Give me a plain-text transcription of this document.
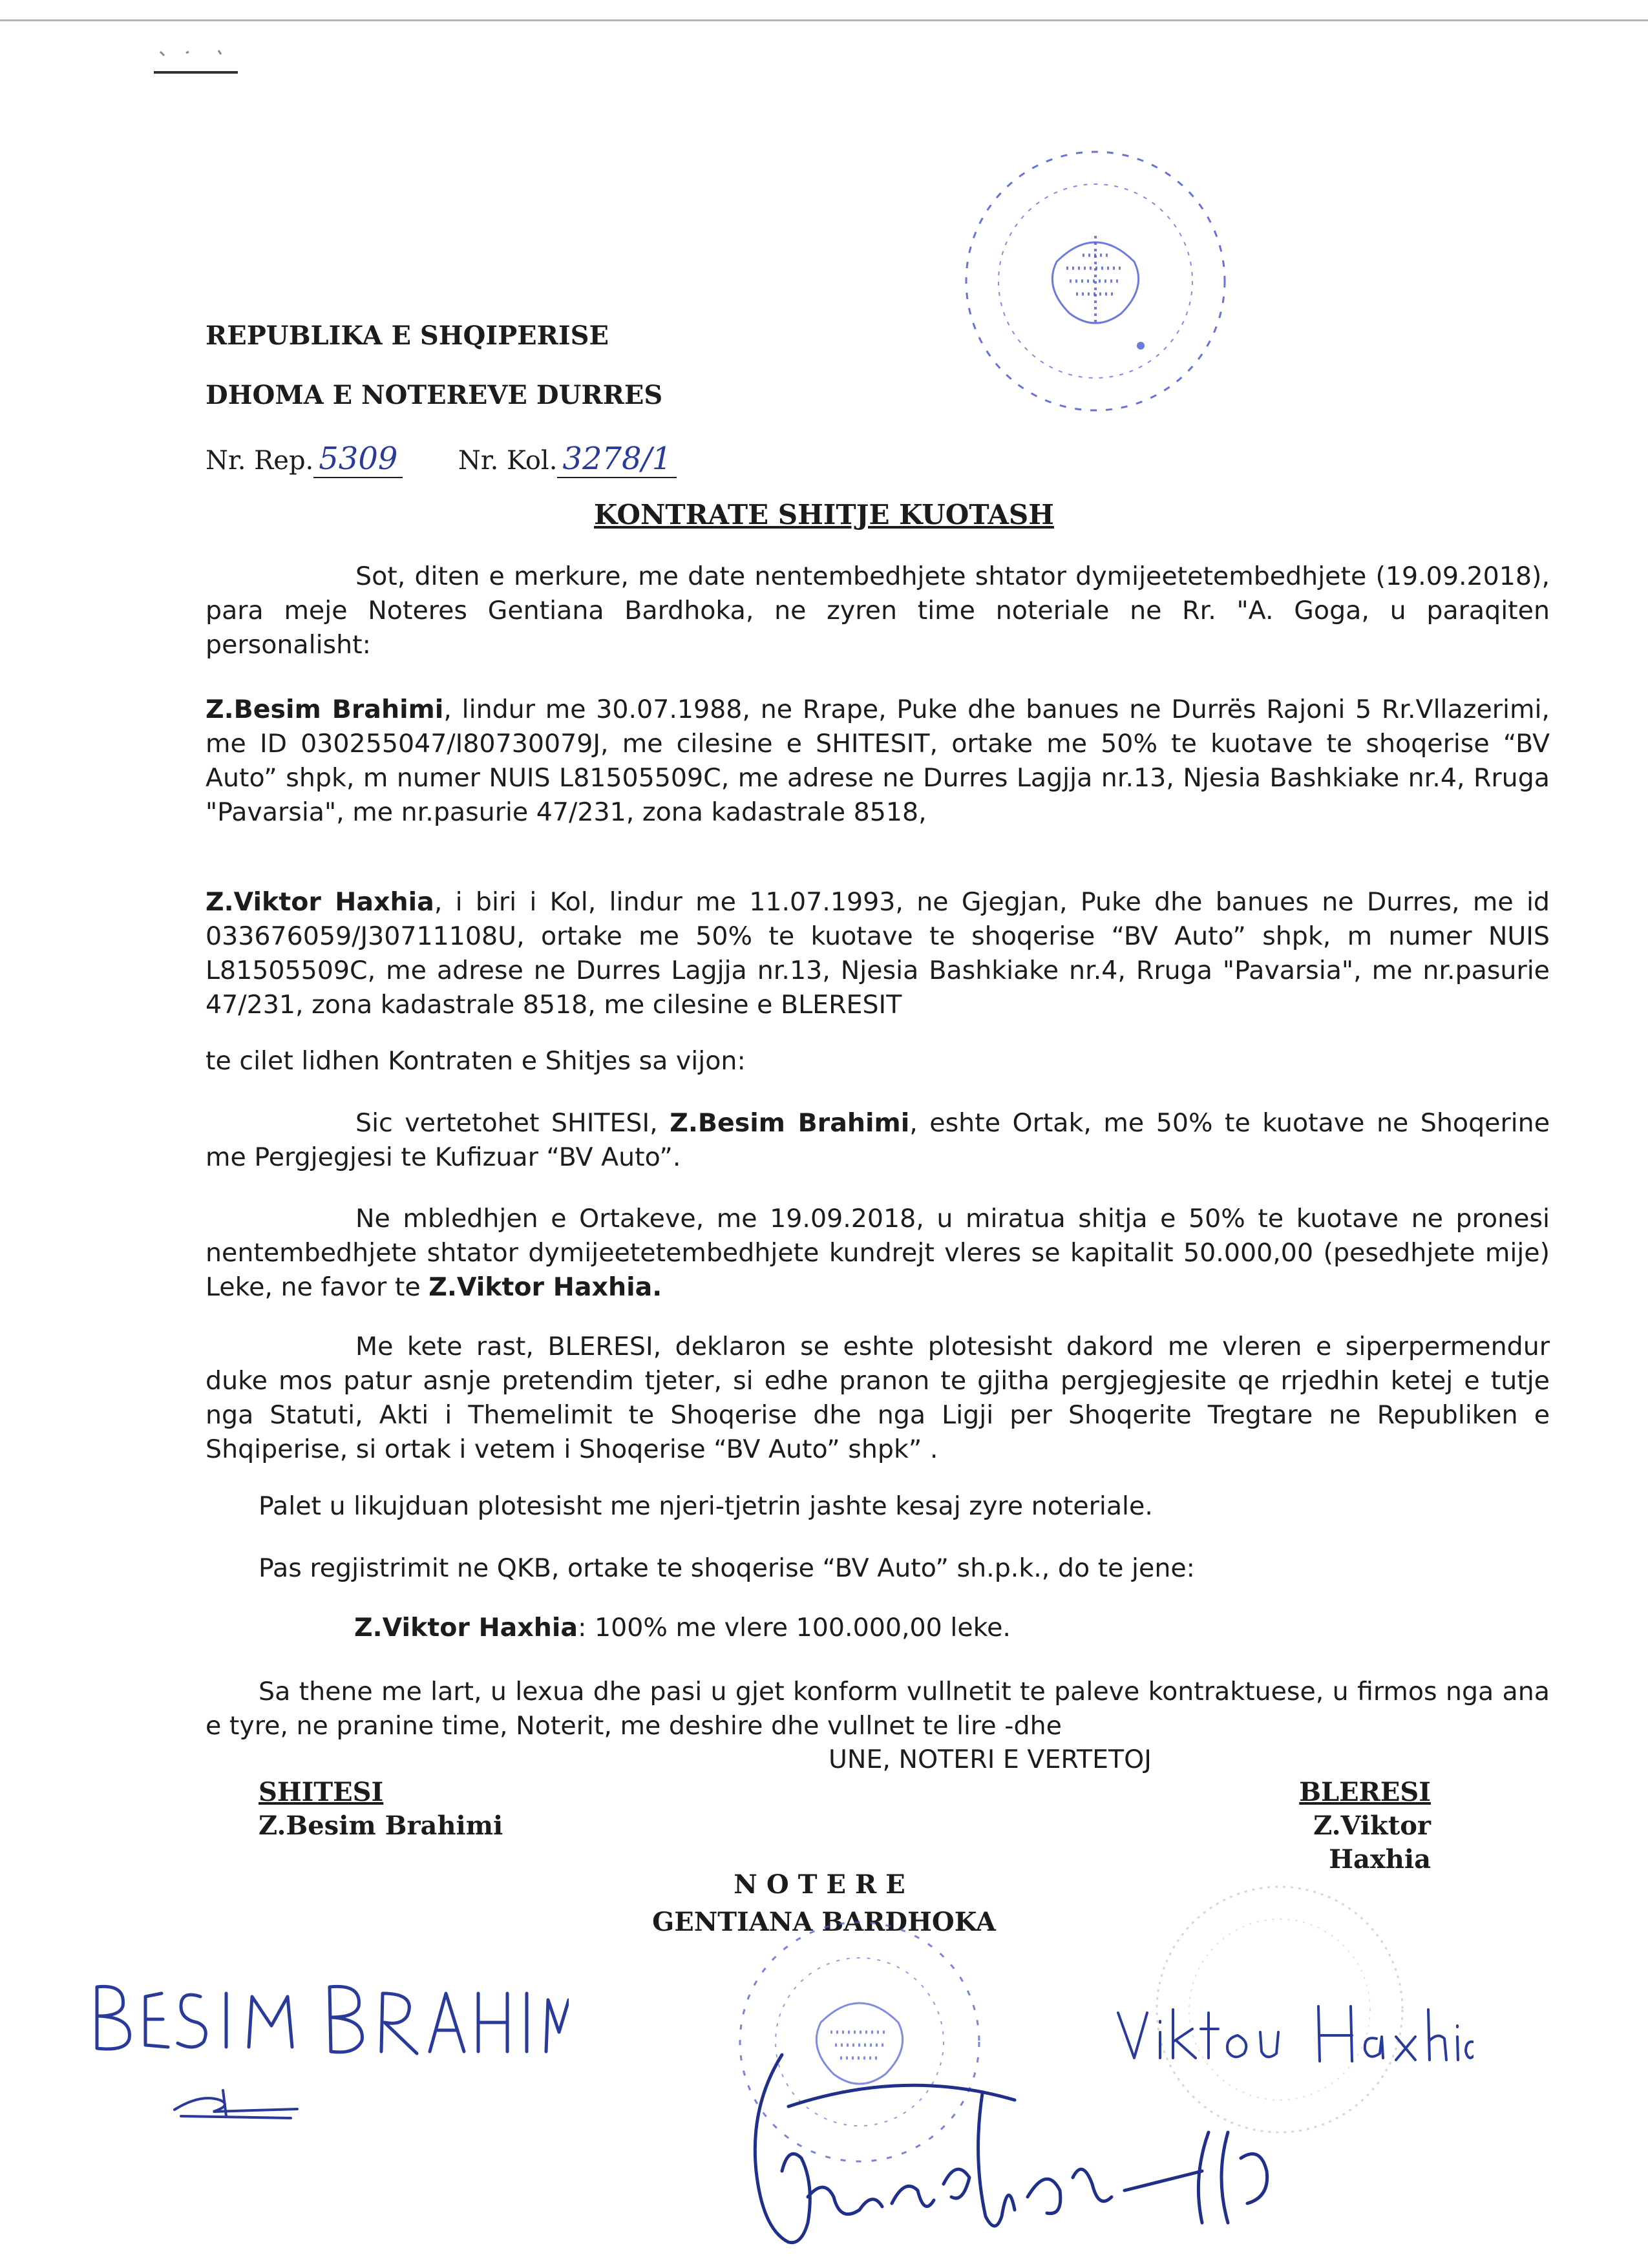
REPUBLIKA E SHQIPERISE
DHOMA E NOTEREVE DURRES
Nr. Rep. 5309 Nr. Kol. 3278/1
KONTRATE SHITJE KUOTASH
Sot, diten e merkure, me date nentembedhjete shtator dymijeetetembedhjete (19.09.2018), para meje Noteres Gentiana Bardhoka, ne zyren time noteriale ne Rr. "A. Goga, u paraqiten personalisht:
Z.Besim Brahimi, lindur me 30.07.1988, ne Rrape, Puke dhe banues ne Durrës Rajoni 5 Rr.Vllazerimi, me ID 030255047/I80730079J, me cilesine e SHITESIT, ortake me 50% te kuotave te shoqerise “BV Auto” shpk, m numer NUIS L81505509C, me adrese ne Durres Lagjja nr.13, Njesia Bashkiake nr.4, Rruga "Pavarsia", me nr.pasurie 47/231, zona kadastrale 8518,
Z.Viktor Haxhia, i biri i Kol, lindur me 11.07.1993, ne Gjegjan, Puke dhe banues ne Durres, me id 033676059/J30711108U, ortake me 50% te kuotave te shoqerise “BV Auto” shpk, m numer NUIS L81505509C, me adrese ne Durres Lagjja nr.13, Njesia Bashkiake nr.4, Rruga "Pavarsia", me nr.pasurie 47/231, zona kadastrale 8518, me cilesine e BLERESIT
te cilet lidhen Kontraten e Shitjes sa vijon:
Sic vertetohet SHITESI, Z.Besim Brahimi, eshte Ortak, me 50% te kuotave ne Shoqerine me Pergjegjesi te Kufizuar “BV Auto”.
Ne mbledhjen e Ortakeve, me 19.09.2018, u miratua shitja e 50% te kuotave ne pronesi nentembedhjete shtator dymijeetetembedhjete kundrejt vleres se kapitalit 50.000,00 (pesedhjete mije) Leke, ne favor te Z.Viktor Haxhia.
Me kete rast, BLERESI, deklaron se eshte plotesisht dakord me vleren e siperpermendur duke mos patur asnje pretendim tjeter, si edhe pranon te gjitha pergjegjesite qe rrjedhin ketej e tutje nga Statuti, Akti i Themelimit te Shoqerise dhe nga Ligji per Shoqerite Tregtare ne Republiken e Shqiperise, si ortak i vetem i Shoqerise “BV Auto” shpk” .
Palet u likujduan plotesisht me njeri-tjetrin jashte kesaj zyre noteriale.
Pas regjistrimit ne QKB, ortake te shoqerise “BV Auto” sh.p.k., do te jene:
Z.Viktor Haxhia: 100% me vlere 100.000,00 leke.
Sa thene me lart, u lexua dhe pasi u gjet konform vullnetit te paleve kontraktuese, u firmos nga ana e tyre, ne pranine time, Noterit, me deshire dhe vullnet te lire -dhe
UNE, NOTERI E VERTETOJ
SHITESI
Z.Besim Brahimi
BLERESI
Z.Viktor Haxhia
NOTERE
GENTIANA BARDHOKA
